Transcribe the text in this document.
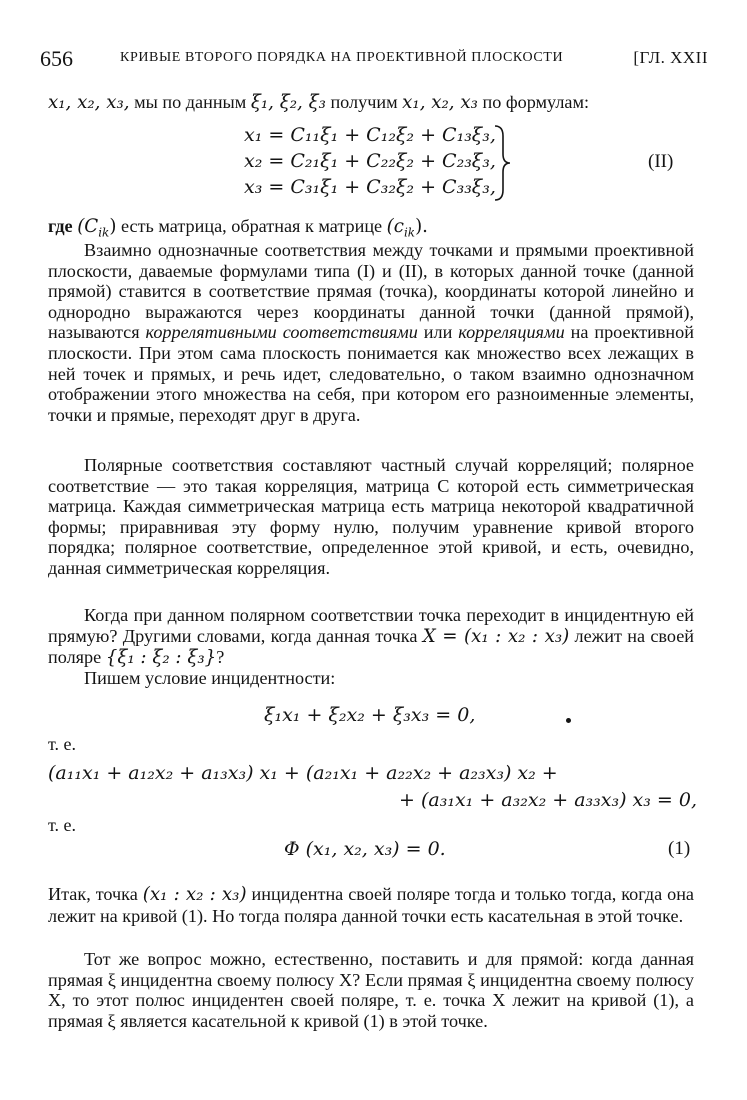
656	КРИВЫЕ ВТОРОГО ПОРЯДКА НА ПРОЕКТИВНОЙ ПЛОСКОСТИ	[ГЛ. XXII

x₁, x₂, x₃, мы по данным ξ₁, ξ₂, ξ₃ получим x₁, x₂, x₃ по формулам:

x₁ = C₁₁ξ₁ + C₁₂ξ₂ + C₁₃ξ₃,
x₂ = C₂₁ξ₁ + C₂₂ξ₂ + C₂₃ξ₃,
x₃ = C₃₁ξ₁ + C₃₂ξ₂ + C₃₃ξ₃,
(II)

где $(C_{ik})$ есть матрица, обратная к матрице $(c_{ik})$.

Взаимно однозначные соответствия между точками и прямыми проективной плоскости, даваемые формулами типа (I) и (II), в которых данной точке (данной прямой) ставится в соответствие прямая (точка), координаты которой линейно и однородно выражаются через координаты данной точки (данной прямой), называются коррелятивными соответствиями или корреляциями на проективной плоскости. При этом сама плоскость понимается как множество всех лежащих в ней точек и прямых, и речь идет, следовательно, о таком взаимно однозначном отображении этого множества на себя, при котором его разноименные элементы, точки и прямые, переходят друг в друга.

Полярные соответствия составляют частный случай корреляций; полярное соответствие — это такая корреляция, матрица C которой есть симметрическая матрица. Каждая симметрическая матрица есть матрица некоторой квадратичной формы; приравнивая эту форму нулю, получим уравнение кривой второго порядка; полярное соответствие, определенное этой кривой, и есть, очевидно, данная симметрическая корреляция.

Когда при данном полярном соответствии точка переходит в инцидентную ей прямую? Другими словами, когда данная точка X = (x₁ : x₂ : x₃) лежит на своей поляре {ξ₁ : ξ₂ : ξ₃}?

Пишем условие инцидентности:

ξ₁x₁ + ξ₂x₂ + ξ₃x₃ = 0,
т. е.
(a₁₁x₁ + a₁₂x₂ + a₁₃x₃) x₁ + (a₂₁x₁ + a₂₂x₂ + a₂₃x₃) x₂ +
+ (a₃₁x₁ + a₃₂x₂ + a₃₃x₃) x₃ = 0,
т. е.
Φ (x₁, x₂, x₃) = 0.	(1)

Итак, точка (x₁ : x₂ : x₃) инцидентна своей поляре тогда и только тогда, когда она лежит на кривой (1). Но тогда поляра данной точки есть касательная в этой точке.

Тот же вопрос можно, естественно, поставить и для прямой: когда данная прямая ξ инцидентна своему полюсу X? Если прямая ξ инцидентна своему полюсу X, то этот полюс инцидентен своей поляре, т. е. точка X лежит на кривой (1), а прямая ξ является касательной к кривой (1) в этой точке.
